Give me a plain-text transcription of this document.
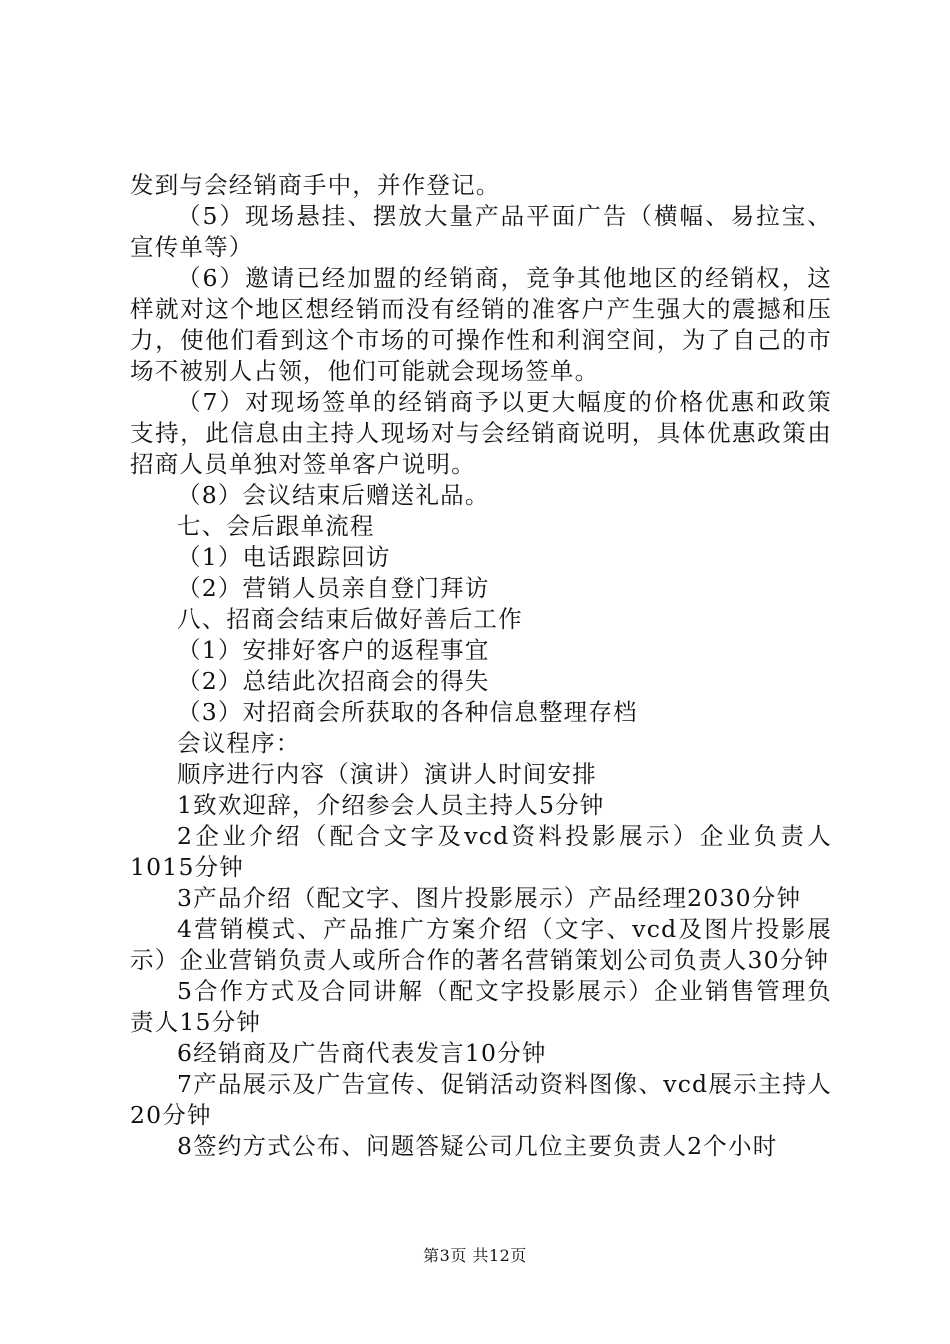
发到与会经销商手中，并作登记。

（5）现场悬挂、摆放大量产品平面广告（横幅、易拉宝、宣传单等）

（6）邀请已经加盟的经销商，竞争其他地区的经销权，这样就对这个地区想经销而没有经销的准客户产生强大的震撼和压力，使他们看到这个市场的可操作性和利润空间，为了自己的市场不被别人占领，他们可能就会现场签单。

（7）对现场签单的经销商予以更大幅度的价格优惠和政策支持，此信息由主持人现场对与会经销商说明，具体优惠政策由招商人员单独对签单客户说明。

（8）会议结束后赠送礼品。

七、会后跟单流程

（1）电话跟踪回访

（2）营销人员亲自登门拜访

八、招商会结束后做好善后工作

（1）安排好客户的返程事宜

（2）总结此次招商会的得失

（3）对招商会所获取的各种信息整理存档

会议程序：

顺序进行内容（演讲）演讲人时间安排

1致欢迎辞，介绍参会人员主持人5分钟

2企业介绍（配合文字及vcd资料投影展示）企业负责人1015分钟

3产品介绍（配文字、图片投影展示）产品经理2030分钟

4营销模式、产品推广方案介绍（文字、vcd及图片投影展示）企业营销负责人或所合作的著名营销策划公司负责人30分钟

5合作方式及合同讲解（配文字投影展示）企业销售管理负责人15分钟

6经销商及广告商代表发言10分钟

7产品展示及广告宣传、促销活动资料图像、vcd展示主持人20分钟

8签约方式公布、问题答疑公司几位主要负责人2个小时

第3页 共12页
